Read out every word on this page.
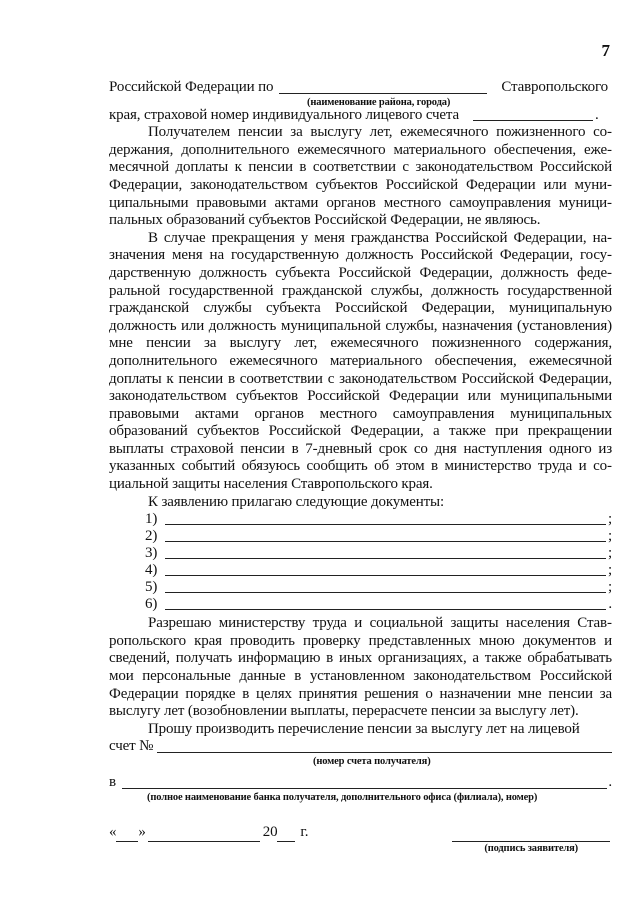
7
Российской Федерации по	Ставропольского
(наименование района, города)
края, страховой номер индивидуального лицевого счета	.
Получателем пенсии за выслугу лет, ежемесячного пожизненного содержания, дополнительного ежемесячного материального обеспечения, ежемесячной доплаты к пенсии в соответствии с законодательством Российской Федерации, законодательством субъектов Российской Федерации или муниципальными правовыми актами органов местного самоуправления муниципальных образований субъектов Российской Федерации, не являюсь.
В случае прекращения у меня гражданства Российской Федерации, назначения меня на государственную должность Российской Федерации, государственную должность субъекта Российской Федерации, должность федеральной государственной гражданской службы, должность государственной гражданской службы субъекта Российской Федерации, муниципальную должность или должность муниципальной службы, назначения (установления) мне пенсии за выслугу лет, ежемесячного пожизненного содержания, дополнительного ежемесячного материального обеспечения, ежемесячной доплаты к пенсии в соответствии с законодательством Российской Федерации, законодательством субъектов Российской Федерации или муниципальными правовыми актами органов местного самоуправления муниципальных образований субъектов Российской Федерации, а также при прекращении выплаты страховой пенсии в 7-дневный срок со дня наступления одного из указанных событий обязуюсь сообщить об этом в министерство труда и социальной защиты населения Ставропольского края.
К заявлению прилагаю следующие документы:
1)	;
2)	;
3)	;
4)	;
5)	;
6)	.
Разрешаю министерству труда и социальной защиты населения Ставропольского края проводить проверку представленных мною документов и сведений, получать информацию в иных организациях, а также обрабатывать мои персональные данные в установленном законодательством Российской Федерации порядке в целях принятия решения о назначении мне пенсии за выслугу лет (возобновлении выплаты, перерасчете пенсии за выслугу лет).
Прошу производить перечисление пенсии за выслугу лет на лицевой
счет №
(номер счета получателя)
в	.
(полное наименование банка получателя, дополнительного офиса (филиала), номер)
« »	20 г.
(подпись заявителя)
